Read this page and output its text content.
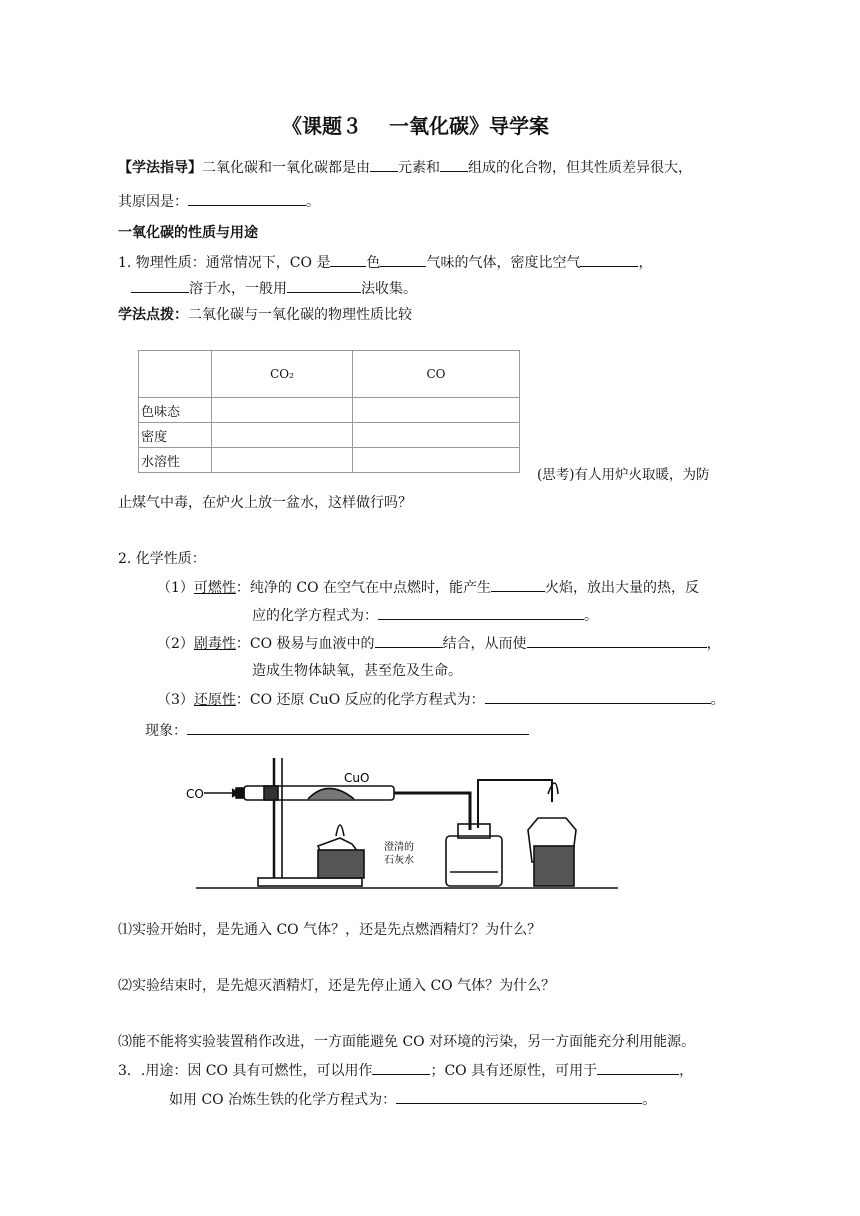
《课题３　 一氧化碳》导学案
【学法指导】二氧化碳和一氧化碳都是由 元素和 组成的化合物，但其性质差异很大，
其原因是：	。
一氧化碳的性质与用途
1. 物理性质：通常情况下，CO 是	色	气味的气体，密度比空气	，
溶于水，一般用	法收集。
学法点拨：二氧化碳与一氧化碳的物理性质比较
	CO₂	CO
色味态		
密度		
水溶性		
(思考)有人用炉火取暖，为防
止煤气中毒，在炉火上放一盆水，这样做行吗？
2. 化学性质：
（1）可燃性：纯净的 CO 在空气在中点燃时，能产生	火焰，放出大量的热，反
应的化学方程式为：	。
（2）剧毒性：CO 极易与血液中的	结合，从而使	，
造成生物体缺氧，甚至危及生命。
（3）还原性：CO 还原 CuO 反应的化学方程式为：	。
现象：
CO
CuO
澄清的
石灰水
⑴实验开始时，是先通入 CO 气体？，还是先点燃酒精灯？为什么？
⑵实验结束时，是先熄灭酒精灯，还是先停止通入 CO 气体？为什么？
⑶能不能将实验装置稍作改进，一方面能避免 CO 对环境的污染，另一方面能充分利用能源。
3．.用途：因 CO 具有可燃性，可以用作	；CO 具有还原性，可用于	，
如用 CO 冶炼生铁的化学方程式为：	。
